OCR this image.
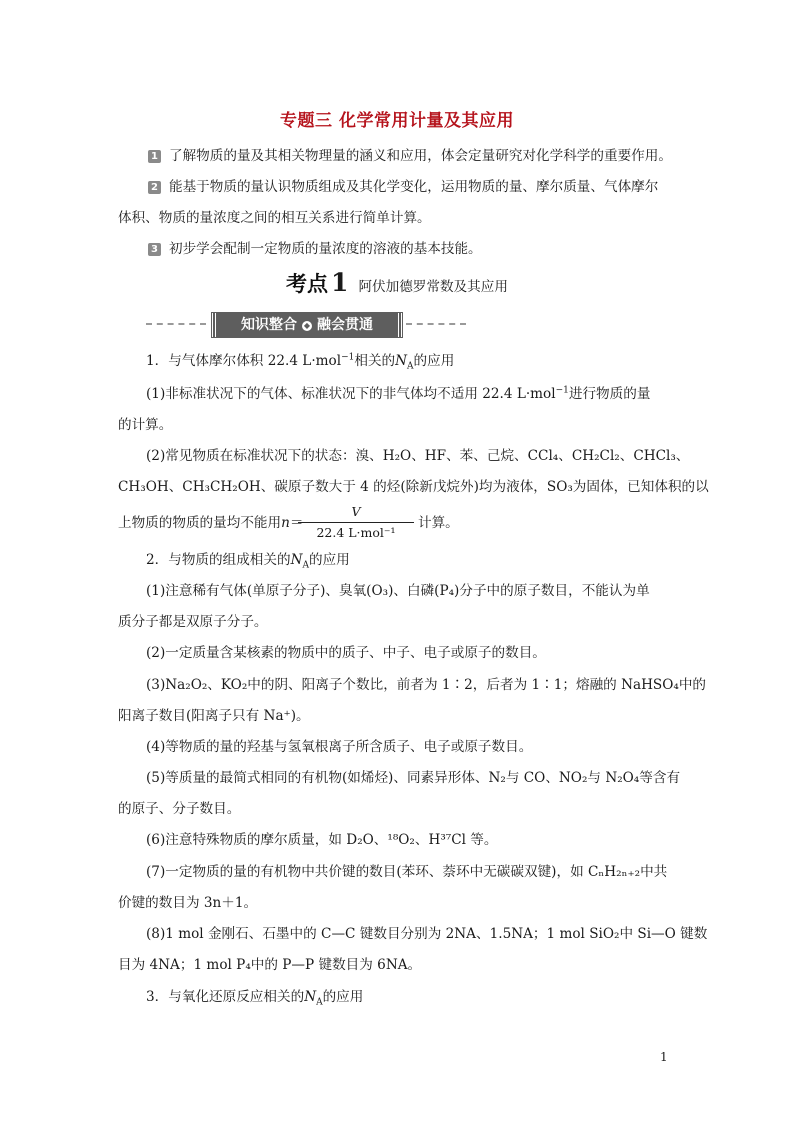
专题三 化学常用计量及其应用
1 了解物质的量及其相关物理量的涵义和应用，体会定量研究对化学科学的重要作用。
2 能基于物质的量认识物质组成及其化学变化，运用物质的量、摩尔质量、气体摩尔
体积、物质的量浓度之间的相互关系进行简单计算。
3 初步学会配制一定物质的量浓度的溶液的基本技能。
考点 1 阿伏加德罗常数及其应用
知识整合 ◆ 融会贯通
1．与气体摩尔体积 22.4 L·mol$^{-1}$相关的$N_A$的应用
(1)非标准状况下的气体、标准状况下的非气体均不适用 22.4 L·mol$^{-1}$进行物质的量
的计算。
(2)常见物质在标准状况下的状态：溴、H₂O、HF、苯、己烷、CCl₄、CH₂Cl₂、CHCl₃、
CH₃OH、CH₃CH₂OH、碳原子数大于 4 的烃(除新戊烷外)均为液体，SO₃为固体，已知体积的以
上物质的物质的量均不能用n＝
V
22.4 L·mol⁻¹
计算。
2．与物质的组成相关的$N_A$的应用
(1)注意稀有气体(单原子分子)、臭氧(O₃)、白磷(P₄)分子中的原子数目，不能认为单
质分子都是双原子分子。
(2)一定质量含某核素的物质中的质子、中子、电子或原子的数目。
(3)Na₂O₂、KO₂中的阴、阳离子个数比，前者为 1∶2，后者为 1∶1；熔融的 NaHSO₄中的
阳离子数目(阳离子只有 Na⁺)。
(4)等物质的量的羟基与氢氧根离子所含质子、电子或原子数目。
(5)等质量的最简式相同的有机物(如烯烃)、同素异形体、N₂与 CO、NO₂与 N₂O₄等含有
的原子、分子数目。
(6)注意特殊物质的摩尔质量，如 D₂O、¹⁸O₂、H³⁷Cl 等。
(7)一定物质的量的有机物中共价键的数目(苯环、萘环中无碳碳双键)，如 CₙH₂ₙ₊₂中共
价键的数目为 3n＋1。
(8)1 mol 金刚石、石墨中的 C—C 键数目分别为 2NA、1.5NA；1 mol SiO₂中 Si—O 键数
目为 4NA；1 mol P₄中的 P—P 键数目为 6NA。
3．与氧化还原反应相关的$N_A$的应用
1
